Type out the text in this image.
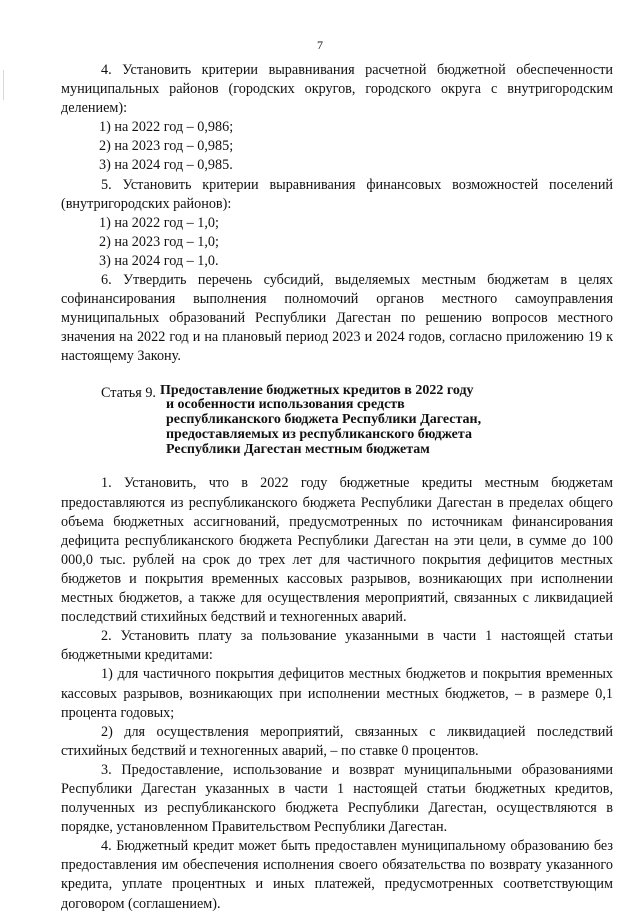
7
4. Установить критерии выравнивания расчетной бюджетной обеспеченности муниципальных районов (городских округов, городского округа с внутригородским делением):
1) на 2022 год – 0,986;
2) на 2023 год – 0,985;
3) на 2024 год – 0,985.
5. Установить критерии выравнивания финансовых возможностей поселений (внутригородских районов):
1) на 2022 год – 1,0;
2) на 2023 год – 1,0;
3) на 2024 год – 1,0.
6. Утвердить перечень субсидий, выделяемых местным бюджетам в целях софинансирования выполнения полномочий органов местного самоуправления муниципальных образований Республики Дагестан по решению вопросов местного значения на 2022 год и на плановый период 2023 и 2024 годов, согласно приложению 19 к настоящему Закону.
Статья 9. Предоставление бюджетных кредитов в 2022 году
и особенности использования средств
республиканского бюджета Республики Дагестан,
предоставляемых из республиканского бюджета
Республики Дагестан местным бюджетам
1. Установить, что в 2022 году бюджетные кредиты местным бюджетам предоставляются из республиканского бюджета Республики Дагестан в пределах общего объема бюджетных ассигнований, предусмотренных по источникам финансирования дефицита республиканского бюджета Республики Дагестан на эти цели, в сумме до 100 000,0 тыс. рублей на срок до трех лет для частичного покрытия дефицитов местных бюджетов и покрытия временных кассовых разрывов, возникающих при исполнении местных бюджетов, а также для осуществления мероприятий, связанных с ликвидацией последствий стихийных бедствий и техногенных аварий.
2. Установить плату за пользование указанными в части 1 настоящей статьи бюджетными кредитами:
1) для частичного покрытия дефицитов местных бюджетов и покрытия временных кассовых разрывов, возникающих при исполнении местных бюджетов, – в размере 0,1 процента годовых;
2) для осуществления мероприятий, связанных с ликвидацией последствий стихийных бедствий и техногенных аварий, – по ставке 0 процентов.
3. Предоставление, использование и возврат муниципальными образованиями Республики Дагестан указанных в части 1 настоящей статьи бюджетных кредитов, полученных из республиканского бюджета Республики Дагестан, осуществляются в порядке, установленном Правительством Республики Дагестан.
4. Бюджетный кредит может быть предоставлен муниципальному образованию без предоставления им обеспечения исполнения своего обязательства по возврату указанного кредита, уплате процентных и иных платежей, предусмотренных соответствующим договором (соглашением).
